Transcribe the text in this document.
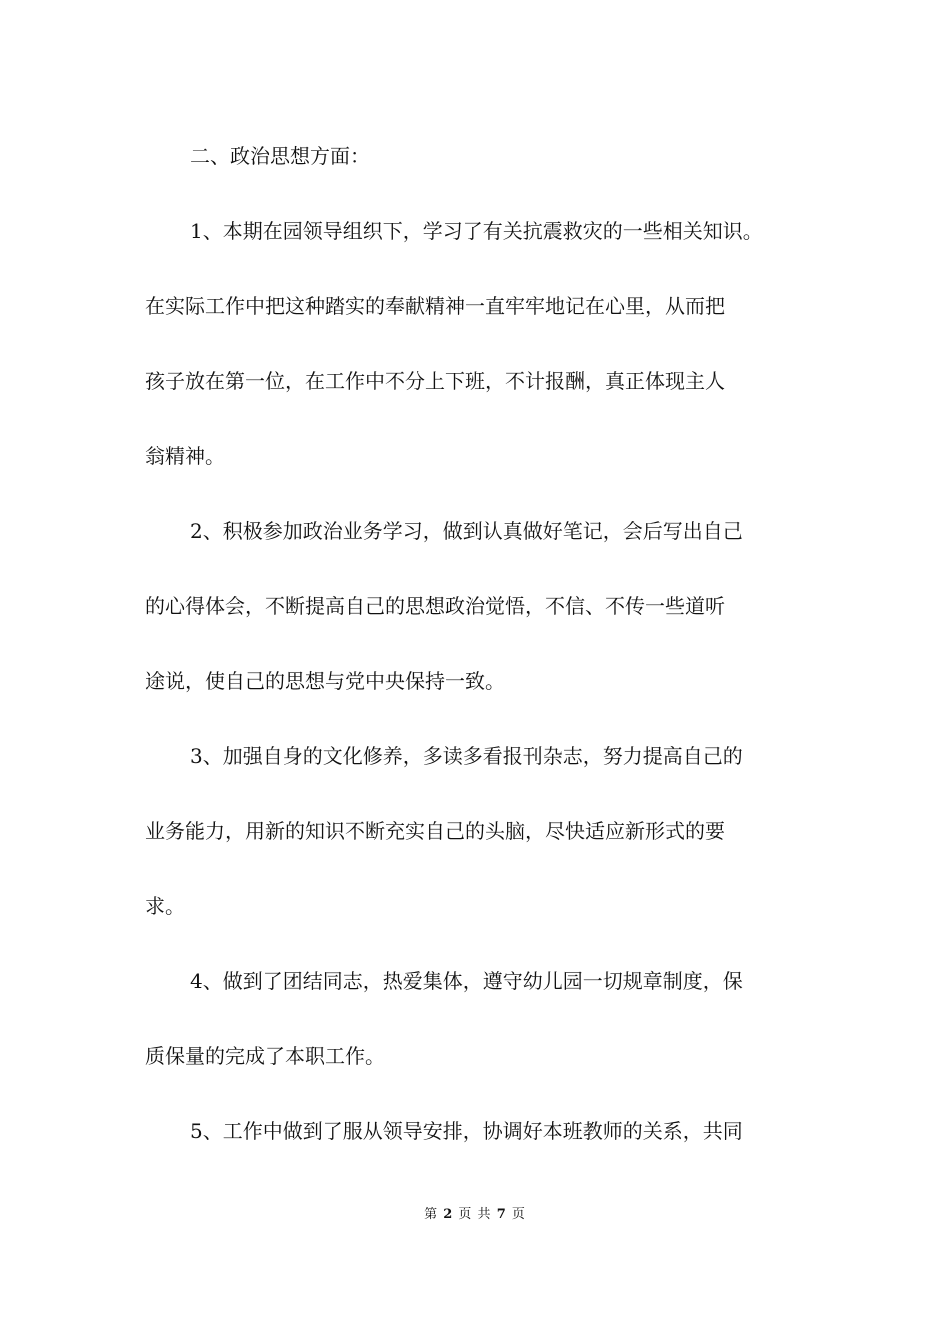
二、政治思想方面：
1、本期在园领导组织下，学习了有关抗震救灾的一些相关知识。
在实际工作中把这种踏实的奉献精神一直牢牢地记在心里，从而把
孩子放在第一位，在工作中不分上下班，不计报酬，真正体现主人
翁精神。
2、积极参加政治业务学习，做到认真做好笔记，会后写出自己
的心得体会，不断提高自己的思想政治觉悟，不信、不传一些道听
途说，使自己的思想与党中央保持一致。
3、加强自身的文化修养，多读多看报刊杂志，努力提高自己的
业务能力，用新的知识不断充实自己的头脑，尽快适应新形式的要
求。
4、做到了团结同志，热爱集体，遵守幼儿园一切规章制度，保
质保量的完成了本职工作。
5、工作中做到了服从领导安排，协调好本班教师的关系，共同
第 2 页 共 7 页
